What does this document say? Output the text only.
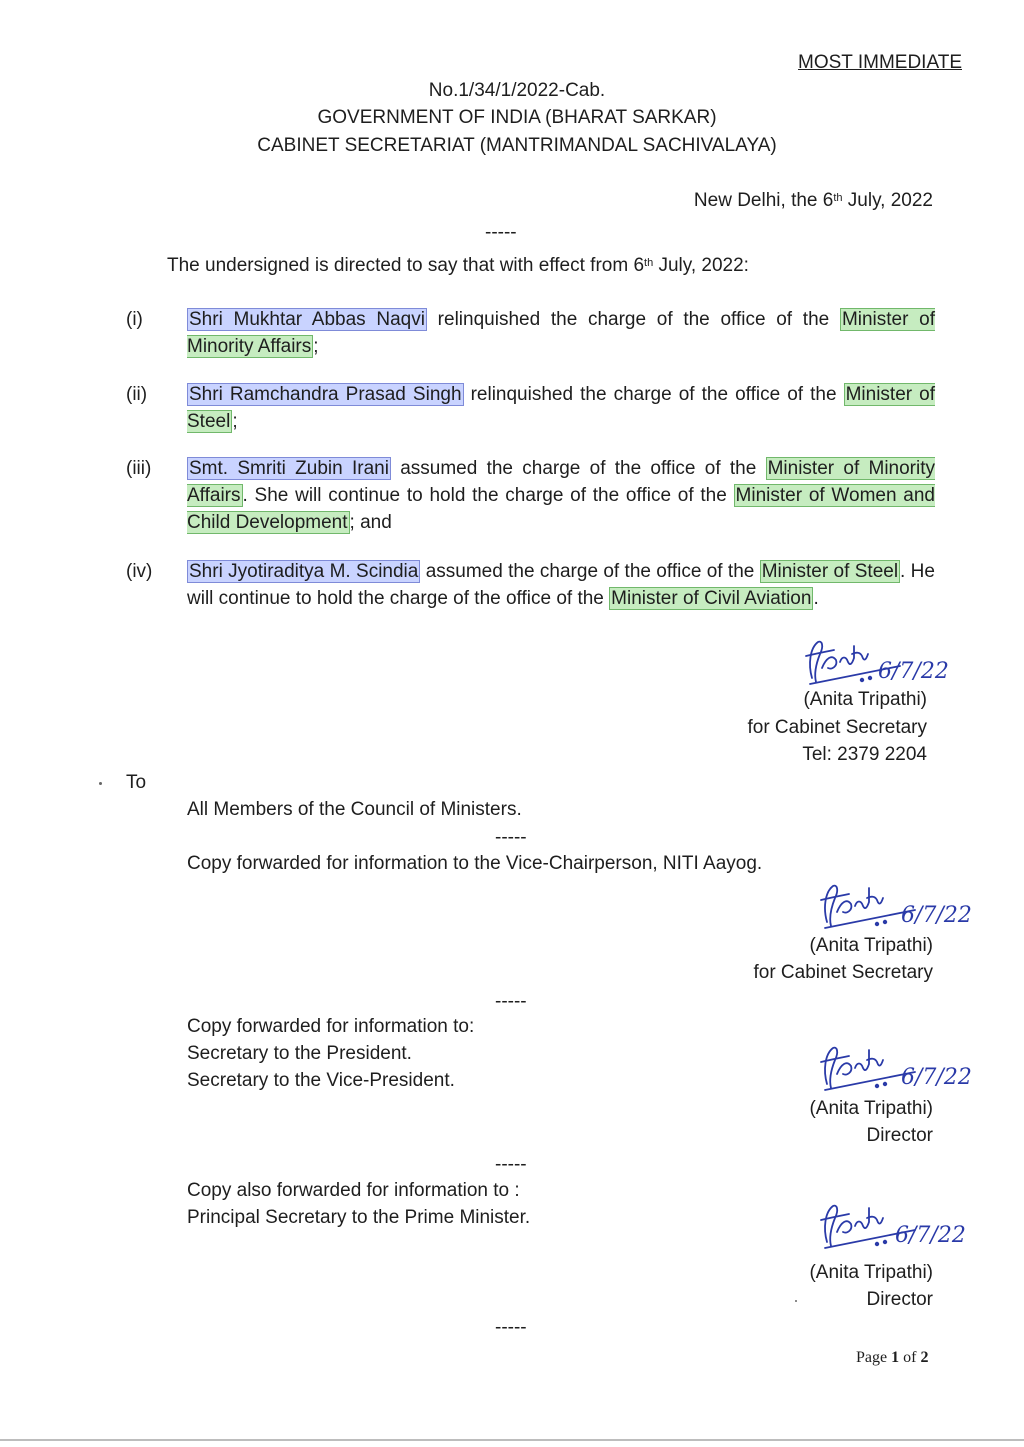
MOST IMMEDIATE
No.1/34/1/2022-Cab.
GOVERNMENT OF INDIA (BHARAT SARKAR)
CABINET SECRETARIAT (MANTRIMANDAL SACHIVALAYA)
New Delhi, the 6th July, 2022
-----
The undersigned is directed to say that with effect from 6th July, 2022:
(i) Shri Mukhtar Abbas Naqvi relinquished the charge of the office of the Minister of Minority Affairs ;
(ii) Shri Ramchandra Prasad Singh relinquished the charge of the office of the Minister of Steel ;
(iii) Smt. Smriti Zubin Irani assumed the charge of the office of the Minister of Minority Affairs . She will continue to hold the charge of the office of the Minister of Women and Child Development ; and
(iv) Shri Jyotiraditya M. Scindia assumed the charge of the office of the Minister of Steel . He will continue to hold the charge of the office of the Minister of Civil Aviation .
6/7/22
(Anita Tripathi)
for Cabinet Secretary
Tel: 2379 2204
To
All Members of the Council of Ministers.
-----
Copy forwarded for information to the Vice-Chairperson, NITI Aayog.
6/7/22
(Anita Tripathi)
for Cabinet Secretary
-----
Copy forwarded for information to:
Secretary to the President.
Secretary to the Vice-President.	6/7/22
(Anita Tripathi)
Director
-----
Copy also forwarded for information to :
Principal Secretary to the Prime Minister.
6/7/22
(Anita Tripathi)
Director
-----
Page 1 of 2
